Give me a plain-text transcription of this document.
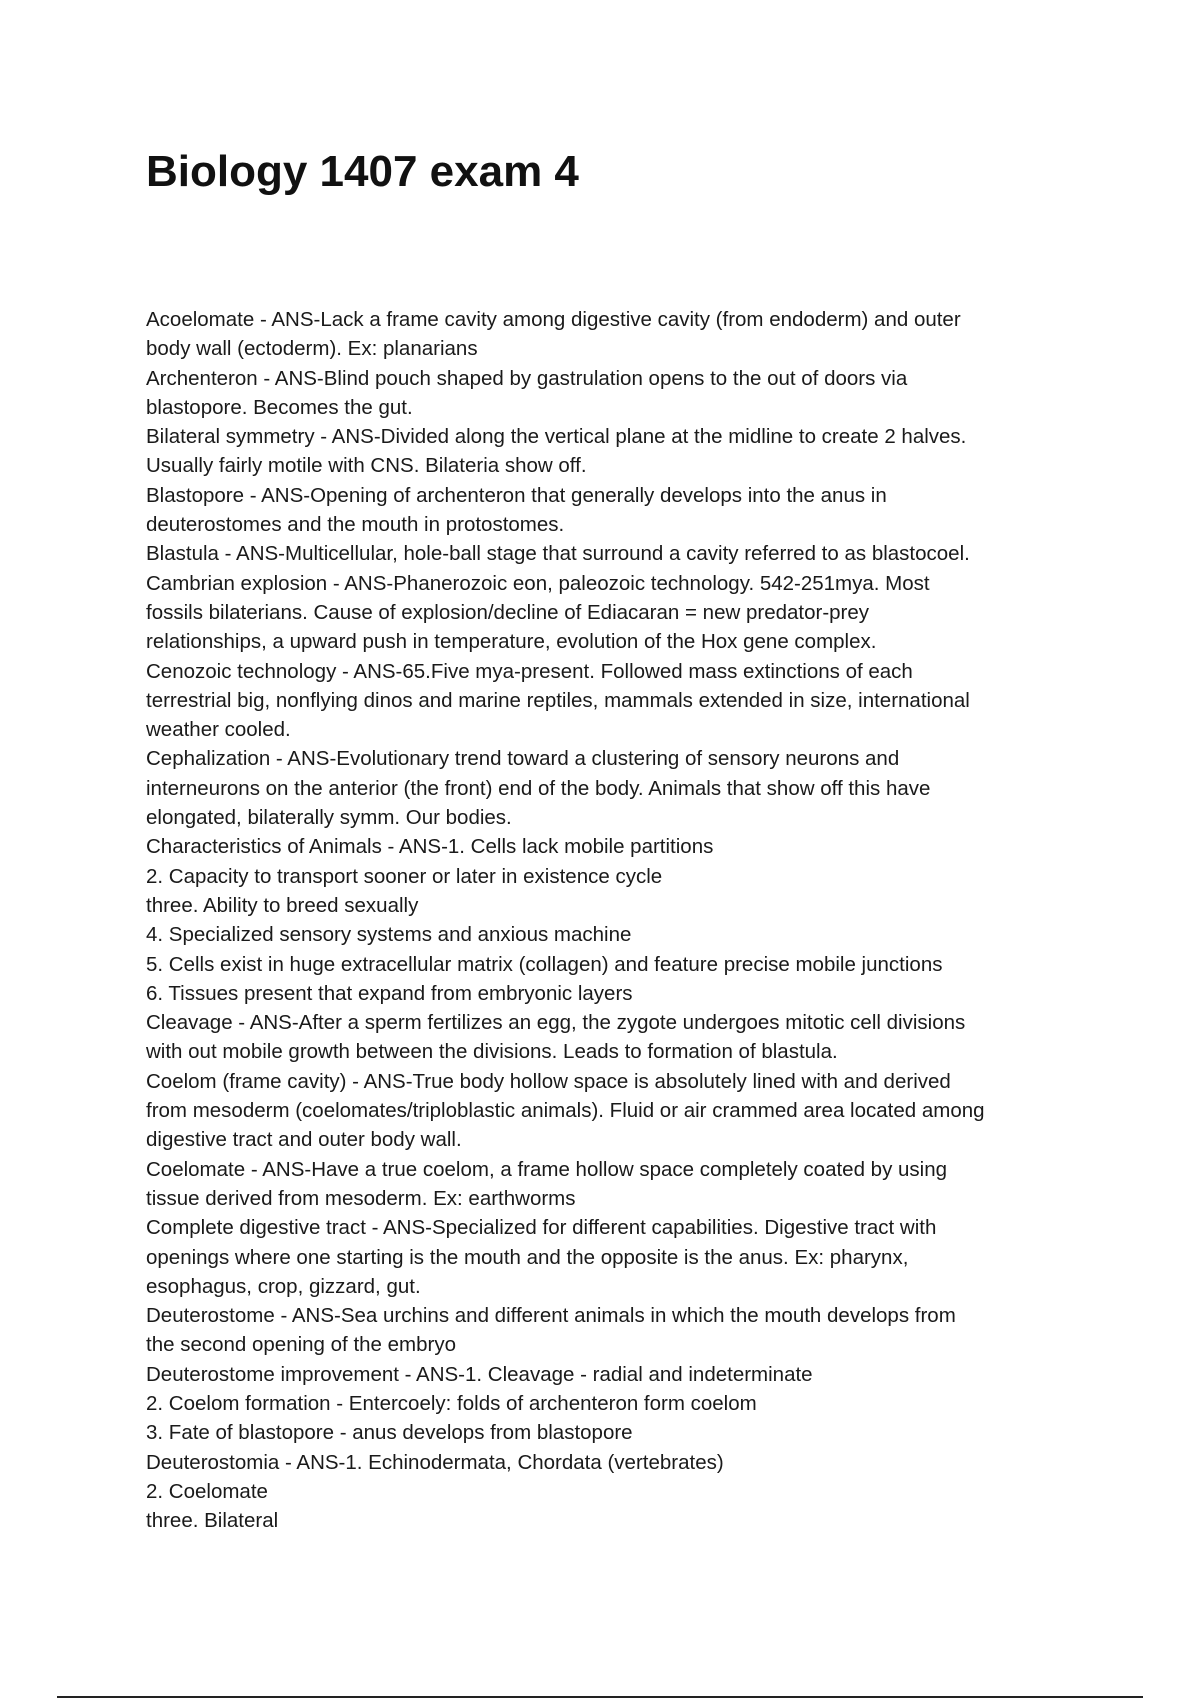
Biology 1407 exam 4
Acoelomate - ANS-Lack a frame cavity among digestive cavity (from endoderm) and outer
body wall (ectoderm). Ex: planarians
Archenteron - ANS-Blind pouch shaped by gastrulation opens to the out of doors via
blastopore. Becomes the gut.
Bilateral symmetry - ANS-Divided along the vertical plane at the midline to create 2 halves.
Usually fairly motile with CNS. Bilateria show off.
Blastopore - ANS-Opening of archenteron that generally develops into the anus in
deuterostomes and the mouth in protostomes.
Blastula - ANS-Multicellular, hole-ball stage that surround a cavity referred to as blastocoel.
Cambrian explosion - ANS-Phanerozoic eon, paleozoic technology. 542-251mya. Most
fossils bilaterians. Cause of explosion/decline of Ediacaran = new predator-prey
relationships, a upward push in temperature, evolution of the Hox gene complex.
Cenozoic technology - ANS-65.Five mya-present. Followed mass extinctions of each
terrestrial big, nonflying dinos and marine reptiles, mammals extended in size, international
weather cooled.
Cephalization - ANS-Evolutionary trend toward a clustering of sensory neurons and
interneurons on the anterior (the front) end of the body. Animals that show off this have
elongated, bilaterally symm. Our bodies.
Characteristics of Animals - ANS-1. Cells lack mobile partitions
2. Capacity to transport sooner or later in existence cycle
three. Ability to breed sexually
4. Specialized sensory systems and anxious machine
5. Cells exist in huge extracellular matrix (collagen) and feature precise mobile junctions
6. Tissues present that expand from embryonic layers
Cleavage - ANS-After a sperm fertilizes an egg, the zygote undergoes mitotic cell divisions
with out mobile growth between the divisions. Leads to formation of blastula.
Coelom (frame cavity) - ANS-True body hollow space is absolutely lined with and derived
from mesoderm (coelomates/triploblastic animals). Fluid or air crammed area located among
digestive tract and outer body wall.
Coelomate - ANS-Have a true coelom, a frame hollow space completely coated by using
tissue derived from mesoderm. Ex: earthworms
Complete digestive tract - ANS-Specialized for different capabilities. Digestive tract with
openings where one starting is the mouth and the opposite is the anus. Ex: pharynx,
esophagus, crop, gizzard, gut.
Deuterostome - ANS-Sea urchins and different animals in which the mouth develops from
the second opening of the embryo
Deuterostome improvement - ANS-1. Cleavage - radial and indeterminate
2. Coelom formation - Entercoely: folds of archenteron form coelom
3. Fate of blastopore - anus develops from blastopore
Deuterostomia - ANS-1. Echinodermata, Chordata (vertebrates)
2. Coelomate
three. Bilateral
